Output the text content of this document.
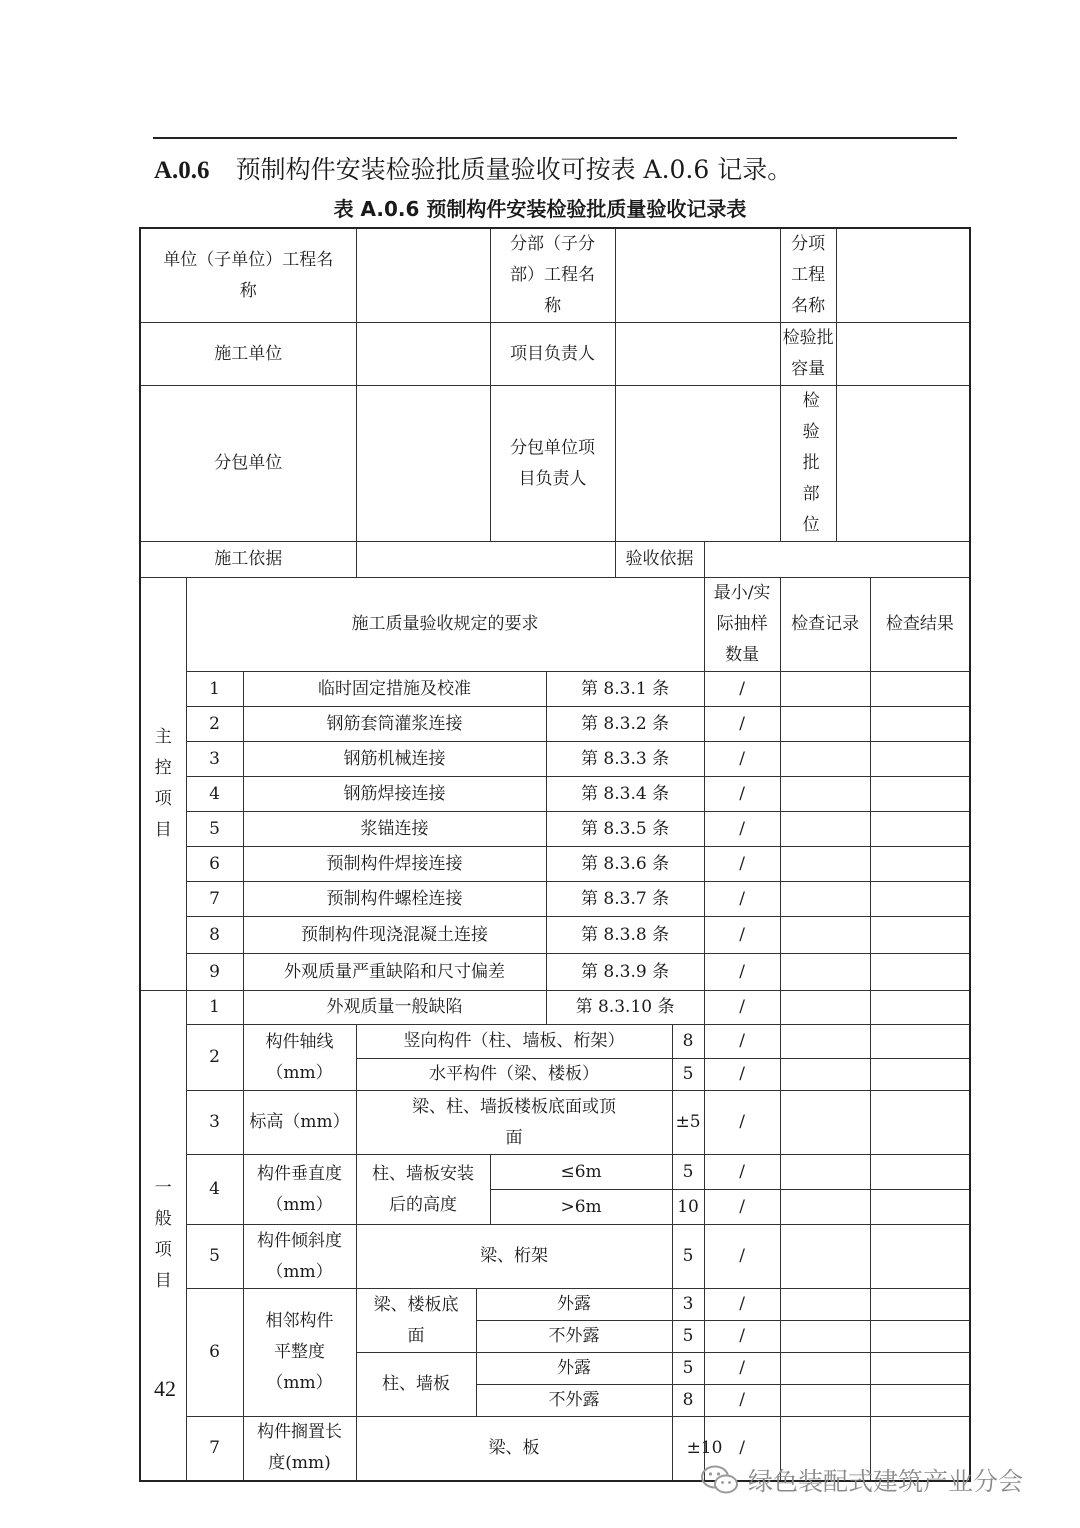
A.0.6 预制构件安装检验批质量验收可按表 A.0.6 记录。
表 A.0.6 预制构件安装检验批质量验收记录表
单位（子单位）工程名称					分部（子分部）工程名称					分项工程名称		
施工单位					项目负责人					检验批容量		
分包单位					分包单位项目负责人					检验批部位		
施工依据							验收依据					
主控项目	施工质量验收规定的要求								最小/实际抽样数量	检查记录		检查结果
	1	临时固定措施及校准				第 8.3.1 条			/			
	2	钢筋套筒灌浆连接				第 8.3.2 条			/			
	3	钢筋机械连接				第 8.3.3 条			/			
	4	钢筋焊接连接				第 8.3.4 条			/			
	5	浆锚连接				第 8.3.5 条			/			
	6	预制构件焊接连接				第 8.3.6 条			/			
	7	预制构件螺栓连接				第 8.3.7 条			/			
	8	预制构件现浇混凝土连接				第 8.3.8 条			/			
	9	外观质量严重缺陷和尺寸偏差				第 8.3.9 条			/			
一般项目	1	外观质量一般缺陷				第 8.3.10 条			/			
	2	构件轴线（mm）	竖向构件（柱、墙板、桁架）					8	/			
			水平构件（梁、楼板）					5	/			
	3	标高（mm）	梁、柱、墙扳楼板底面或顶面					±5	/			
	4	构件垂直度（mm）	柱、墙板安装后的高度		≤6m			5	/			
					>6m			10	/			
	5	构件倾斜度（mm）	梁、桁架					5	/			
	6	相邻构件平整度（mm）	梁、楼板底面	外露				3	/			
				不外露				5	/			
			柱、墙板	外露				5	/			
				不外露				8	/			
	7	构件搁置长度(mm)	梁、板					±10	/			
42
绿色装配式建筑产业分会
